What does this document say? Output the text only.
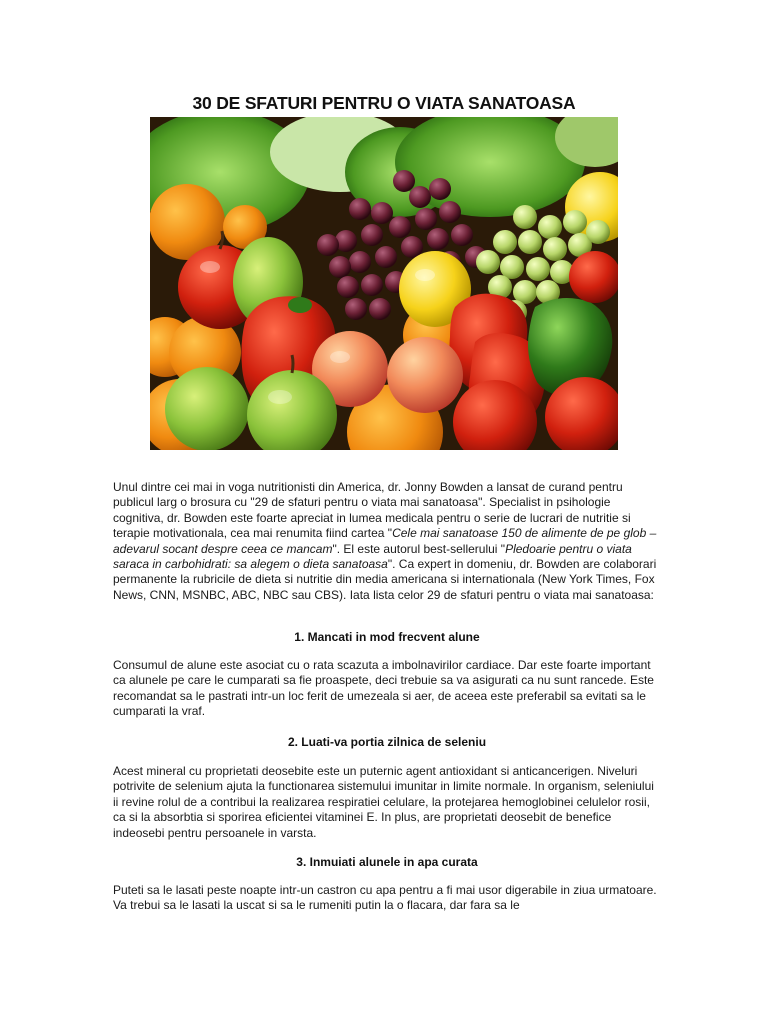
30 DE SFATURI PENTRU O VIATA SANATOASA
Unul dintre cei mai in voga nutritionisti din America, dr. Jonny Bowden a lansat de curand pentru publicul larg o brosura cu "29 de sfaturi pentru o viata mai sanatoasa". Specialist in psihologie cognitiva, dr. Bowden este foarte apreciat in lumea medicala pentru o serie de lucrari de nutritie si terapie motivationala, cea mai renumita fiind cartea "Cele mai sanatoase 150 de alimente de pe glob – adevarul socant despre ceea ce mancam". El este autorul best-sellerului "Pledoarie pentru o viata saraca in carbohidrati: sa alegem o dieta sanatoasa". Ca expert in domeniu, dr. Bowden are colaborari permanente la rubricile de dieta si nutritie din media americana si internationala (New York Times, Fox News, CNN, MSNBC, ABC, NBC sau CBS). Iata lista celor 29 de sfaturi pentru o viata mai sanatoasa:
1. Mancati in mod frecvent alune
Consumul de alune este asociat cu o rata scazuta a imbolnavirilor cardiace. Dar este foarte important ca alunele pe care le cumparati sa fie proaspete, deci trebuie sa va asigurati ca nu sunt rancede. Este recomandat sa le pastrati intr-un loc ferit de umezeala si aer, de aceea este preferabil sa evitati sa le cumparati la vraf.
2. Luati-va portia zilnica de seleniu
Acest mineral cu proprietati deosebite este un puternic agent antioxidant si anticancerigen. Niveluri potrivite de selenium ajuta la functionarea sistemului imunitar in limite normale. In organism, seleniului ii revine rolul de a contribui la realizarea respiratiei celulare, la protejarea hemoglobinei celulelor rosii, ca si la absorbtia si sporirea eficientei vitaminei E. In plus, are proprietati deosebit de benefice indeosebi pentru persoanele in varsta.
3. Inmuiati alunele in apa curata
Puteti sa le lasati peste noapte intr-un castron cu apa pentru a fi mai usor digerabile in ziua urmatoare. Va trebui sa le lasati la uscat si sa le rumeniti putin la o flacara, dar fara sa le
